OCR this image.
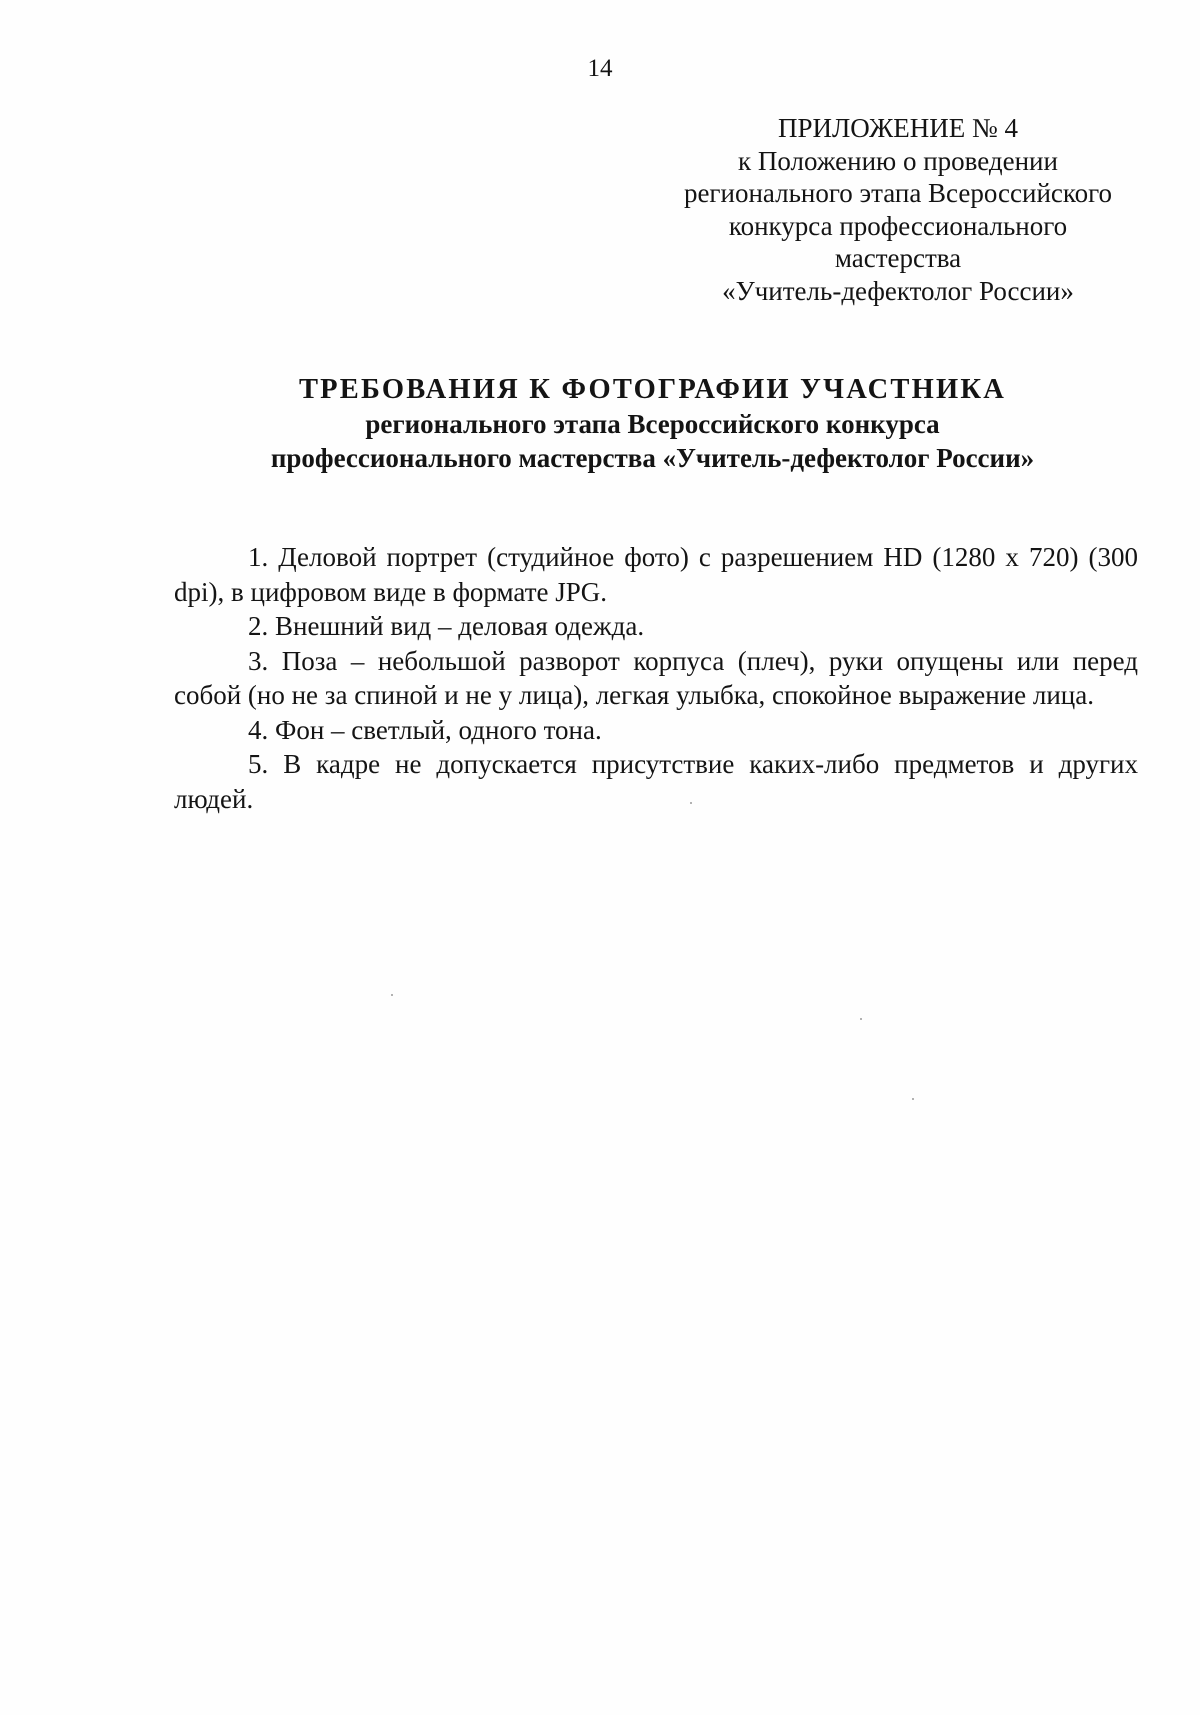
14
ПРИЛОЖЕНИЕ № 4
к Положению о проведении
регионального этапа Всероссийского
конкурса профессионального
мастерства
«Учитель-дефектолог России»
ТРЕБОВАНИЯ К ФОТОГРАФИИ УЧАСТНИКА
регионального этапа Всероссийского конкурса
профессионального мастерства «Учитель-дефектолог России»

1. Деловой портрет (студийное фото) с разрешением HD (1280 х 720) (300 dpi), в цифровом виде в формате JPG.

2. Внешний вид – деловая одежда.

3. Поза – небольшой разворот корпуса (плеч), руки опущены или перед собой (но не за спиной и не у лица), легкая улыбка, спокойное выражение лица.

4. Фон – светлый, одного тона.

5. В кадре не допускается присутствие каких-либо предметов и других людей.
